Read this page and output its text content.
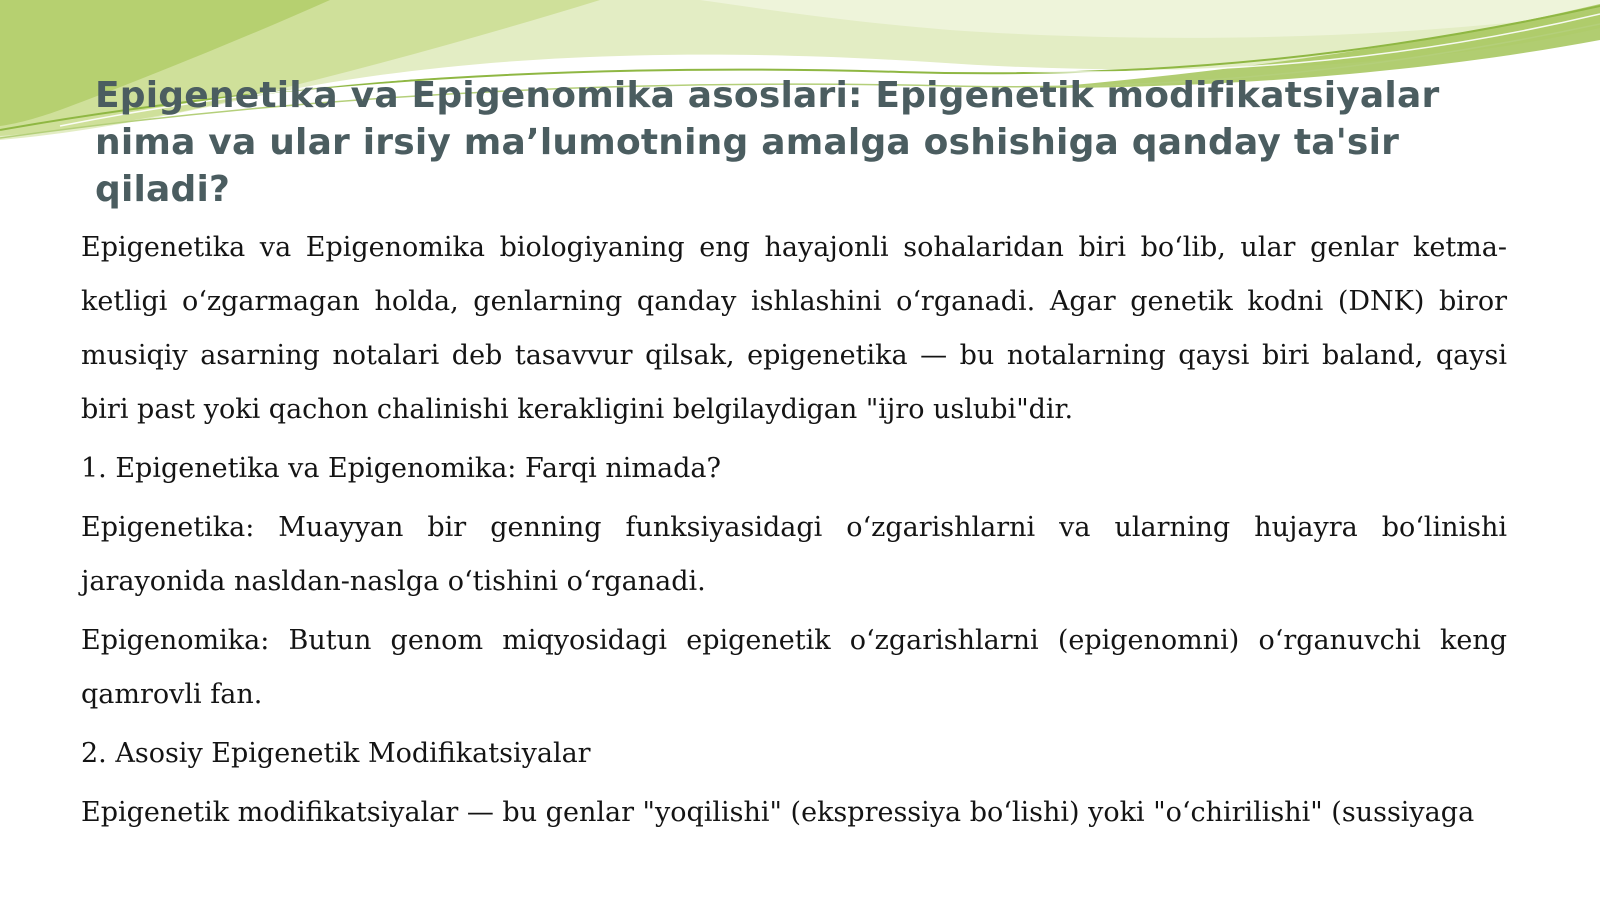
Epigenetika va Epigenomika asoslari: Epigenetik modifikatsiyalar nima va ular irsiy ma’lumotning amalga oshishiga qanday ta'sir qiladi?

Epigenetika va Epigenomika biologiyaning eng hayajonli sohalaridan biri boʻlib, ular genlar ketma-ketligi oʻzgarmagan holda, genlarning qanday ishlashini oʻrganadi. Agar genetik kodni (DNK) biror musiqiy asarning notalari deb tasavvur qilsak, epigenetika — bu notalarning qaysi biri baland, qaysi biri past yoki qachon chalinishi kerakligini belgilaydigan "ijro uslubi"dir.

1. Epigenetika va Epigenomika: Farqi nimada?

Epigenetika: Muayyan bir genning funksiyasidagi oʻzgarishlarni va ularning hujayra boʻlinishi jarayonida nasldan-naslga oʻtishini oʻrganadi.

Epigenomika: Butun genom miqyosidagi epigenetik oʻzgarishlarni (epigenomni) oʻrganuvchi keng qamrovli fan.

2. Asosiy Epigenetik Modifikatsiyalar

Epigenetik modifikatsiyalar — bu genlar "yoqilishi" (ekspressiya boʻlishi) yoki "oʻchirilishi" (sussiyaga
